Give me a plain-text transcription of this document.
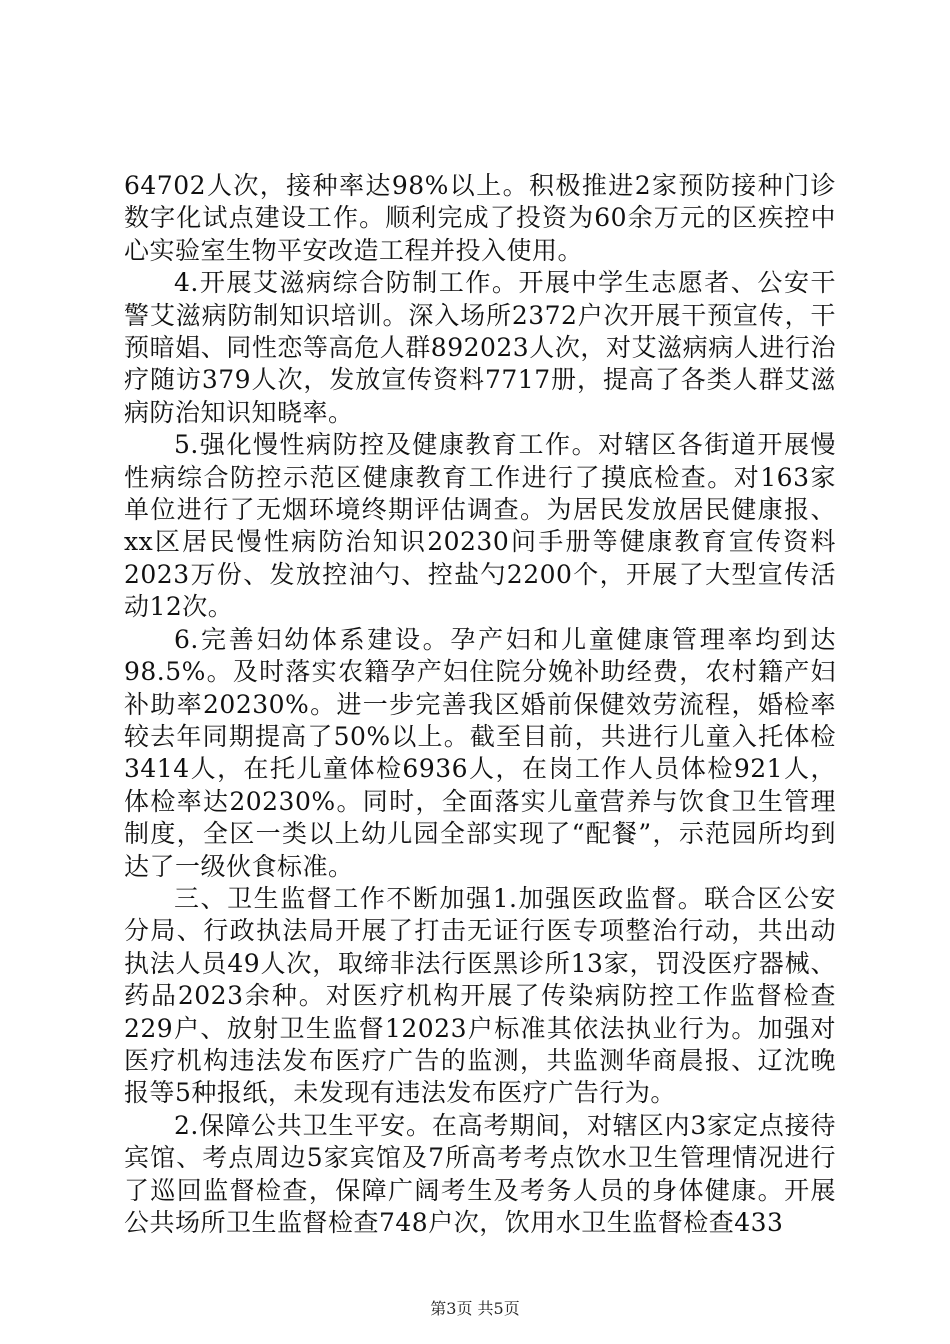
64702人次，接种率达98%以上。积极推进2家预防接种门诊数字化试点建设工作。顺利完成了投资为60余万元的区疾控中心实验室生物平安改造工程并投入使用。

4.开展艾滋病综合防制工作。开展中学生志愿者、公安干警艾滋病防制知识培训。深入场所2372户次开展干预宣传，干预暗娼、同性恋等高危人群892023人次，对艾滋病病人进行治疗随访379人次，发放宣传资料7717册，提高了各类人群艾滋病防治知识知晓率。

5.强化慢性病防控及健康教育工作。对辖区各街道开展慢性病综合防控示范区健康教育工作进行了摸底检查。对163家单位进行了无烟环境终期评估调查。为居民发放居民健康报、xx区居民慢性病防治知识20230问手册等健康教育宣传资料2023万份、发放控油勺、控盐勺2200个，开展了大型宣传活动12次。

6.完善妇幼体系建设。孕产妇和儿童健康管理率均到达98.5%。及时落实农籍孕产妇住院分娩补助经费，农村籍产妇补助率20230%。进一步完善我区婚前保健效劳流程，婚检率较去年同期提高了50%以上。截至目前，共进行儿童入托体检3414人，在托儿童体检6936人，在岗工作人员体检921人，体检率达20230%。同时，全面落实儿童营养与饮食卫生管理制度，全区一类以上幼儿园全部实现了“配餐”，示范园所均到达了一级伙食标准。

三、卫生监督工作不断加强1.加强医政监督。联合区公安分局、行政执法局开展了打击无证行医专项整治行动，共出动执法人员49人次，取缔非法行医黑诊所13家，罚没医疗器械、药品2023余种。对医疗机构开展了传染病防控工作监督检查229户、放射卫生监督12023户标准其依法执业行为。加强对医疗机构违法发布医疗广告的监测，共监测华商晨报、辽沈晚报等5种报纸，未发现有违法发布医疗广告行为。

2.保障公共卫生平安。在高考期间，对辖区内3家定点接待宾馆、考点周边5家宾馆及7所高考考点饮水卫生管理情况进行了巡回监督检查，保障广阔考生及考务人员的身体健康。开展公共场所卫生监督检查748户次，饮用水卫生监督检查433

第3页 共5页
